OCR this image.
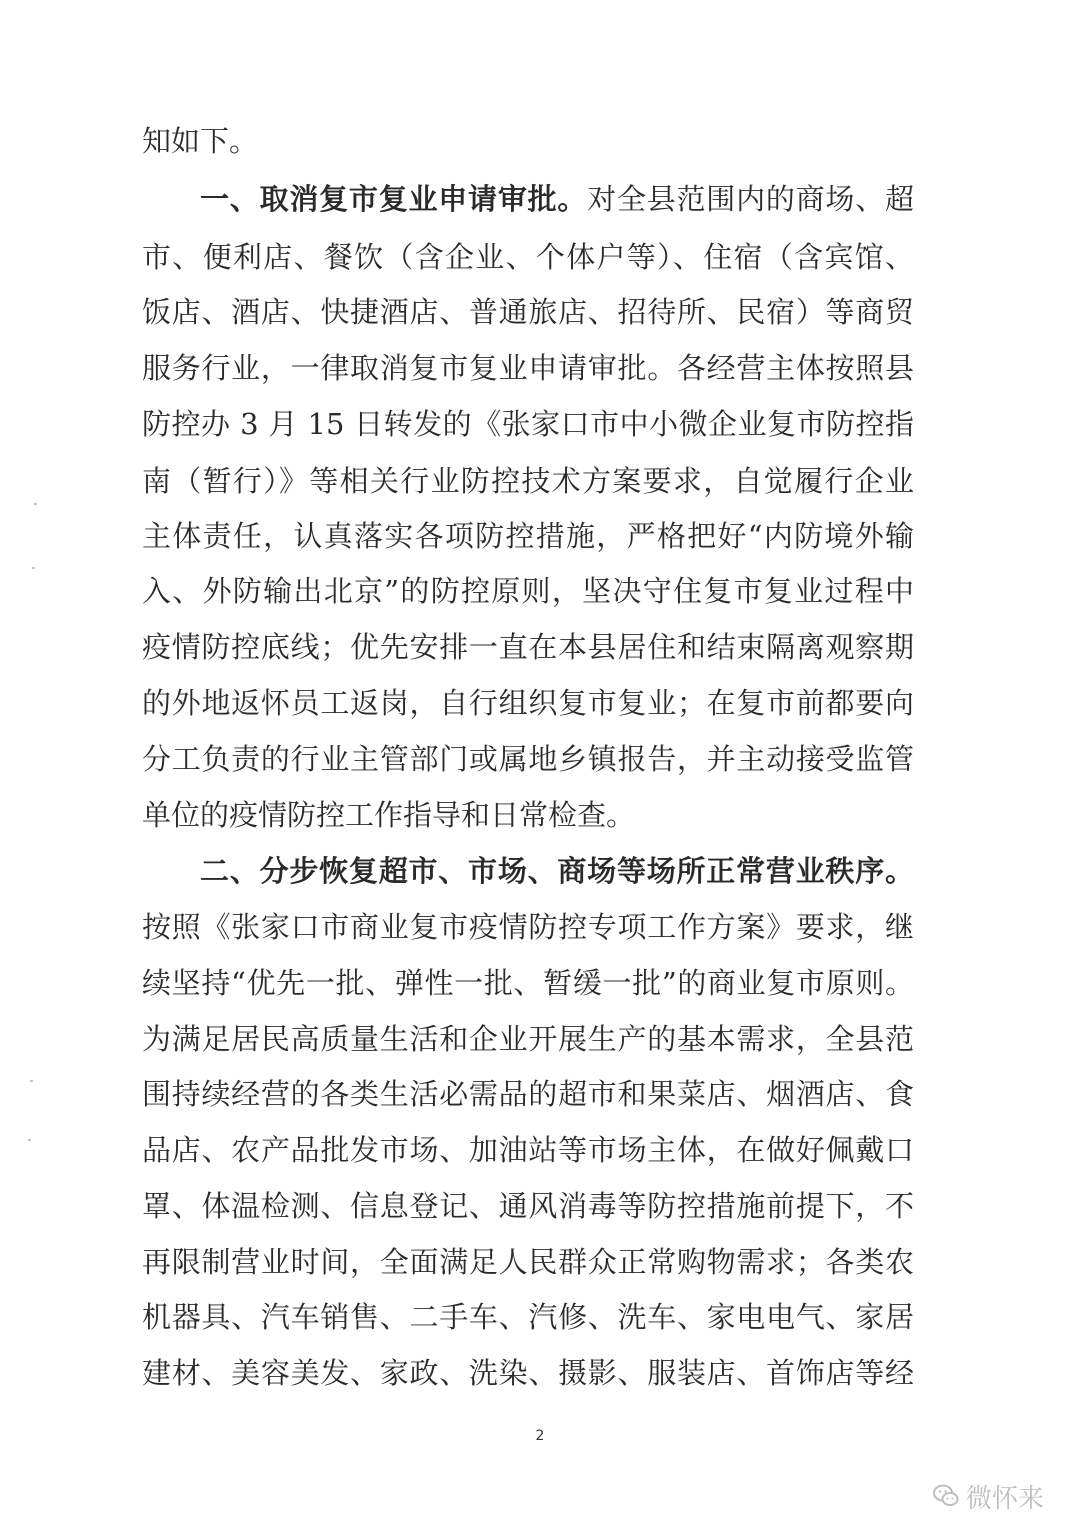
知如下。
一、取消复市复业申请审批。对全县范围内的商场、超
市、便利店、餐饮（含企业、个体户等）、住宿（含宾馆、
饭店、酒店、快捷酒店、普通旅店、招待所、民宿）等商贸
服务行业，一律取消复市复业申请审批。各经营主体按照县
防控办 3 月 15 日转发的《张家口市中小微企业复市防控指
南（暂行）》等相关行业防控技术方案要求，自觉履行企业
主体责任，认真落实各项防控措施，严格把好“内防境外输
入、外防输出北京”的防控原则，坚决守住复市复业过程中
疫情防控底线；优先安排一直在本县居住和结束隔离观察期
的外地返怀员工返岗，自行组织复市复业；在复市前都要向
分工负责的行业主管部门或属地乡镇报告，并主动接受监管
单位的疫情防控工作指导和日常检查。
二、分步恢复超市、市场、商场等场所正常营业秩序。
按照《张家口市商业复市疫情防控专项工作方案》要求，继
续坚持“优先一批、弹性一批、暂缓一批”的商业复市原则。
为满足居民高质量生活和企业开展生产的基本需求，全县范
围持续经营的各类生活必需品的超市和果菜店、烟酒店、食
品店、农产品批发市场、加油站等市场主体，在做好佩戴口
罩、体温检测、信息登记、通风消毒等防控措施前提下，不
再限制营业时间，全面满足人民群众正常购物需求；各类农
机器具、汽车销售、二手车、汽修、洗车、家电电气、家居
建材、美容美发、家政、洗染、摄影、服装店、首饰店等经
2
微怀来
